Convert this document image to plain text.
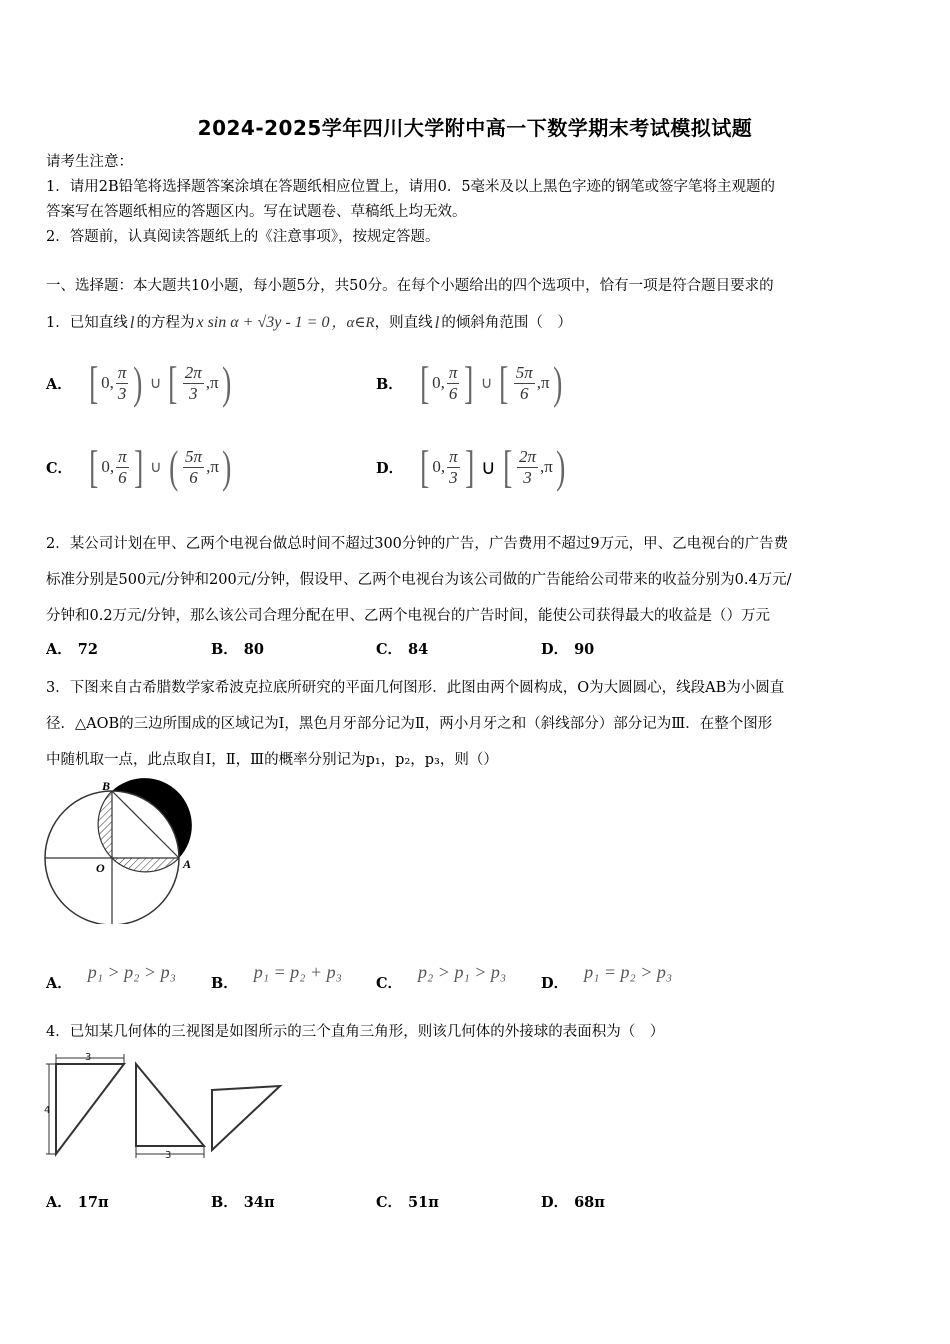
2024-2025学年四川大学附中高一下数学期末考试模拟试题
请考生注意：
1．请用2B铅笔将选择题答案涂填在答题纸相应位置上，请用0．5毫米及以上黑色字迹的钢笔或签字笔将主观题的
答案写在答题纸相应的答题区内。写在试题卷、草稿纸上均无效。
2．答题前，认真阅读答题纸上的《注意事项》，按规定答题。
一、选择题：本大题共10小题，每小题5分，共50分。在每个小题给出的四个选项中，恰有一项是符合题目要求的
1．已知直线 l 的方程为 x sin α + √3y - 1 = 0 ，α∈R ，则直线 l 的倾斜角范围（　）
A． [ 0, $\frac{\pi}{3}$ ) ∪ [ $\frac{2\pi}{3} ,\pi$ )	B． [ 0, $\frac{\pi}{6}$ ] ∪ [ $\frac{5\pi}{6} ,\pi$ )
C． [ 0, $\frac{\pi}{6}$ ] ∪ ( $\frac{5\pi}{6} ,\pi$ )	D． [ 0, $\frac{\pi}{3}$ ] ∪ [ $\frac{2\pi}{3} ,\pi$ )
2．某公司计划在甲、乙两个电视台做总时间不超过300分钟的广告，广告费用不超过9万元，甲、乙电视台的广告费
标准分别是500元/分钟和200元/分钟，假设甲、乙两个电视台为该公司做的广告能给公司带来的收益分别为0.4万元/
分钟和0.2万元/分钟，那么该公司合理分配在甲、乙两个电视台的广告时间，能使公司获得最大的收益是（）万元
A． 72	B． 80	C． 84	D． 90
3．下图来自古希腊数学家希波克拉底所研究的平面几何图形．此图由两个圆构成，O为大圆圆心，线段AB为小圆直
径．△AOB的三边所围成的区域记为Ⅰ，黑色月牙部分记为Ⅱ，两小月牙之和（斜线部分）部分记为Ⅲ．在整个图形
中随机取一点，此点取自Ⅰ，Ⅱ，Ⅲ的概率分别记为p₁，p₂，p₃，则（）
B
O	A
A．
p₁ > p₂ > p₃
B．
p₁ = p₂ + p₃
C．
p₂ > p₁ > p₃
D．
p₁ = p₂ > p₃
4．已知某几何体的三视图是如图所示的三个直角三角形，则该几何体的外接球的表面积为（　）
3
4
3
A． 17π	B． 34π	C． 51π	D． 68π
